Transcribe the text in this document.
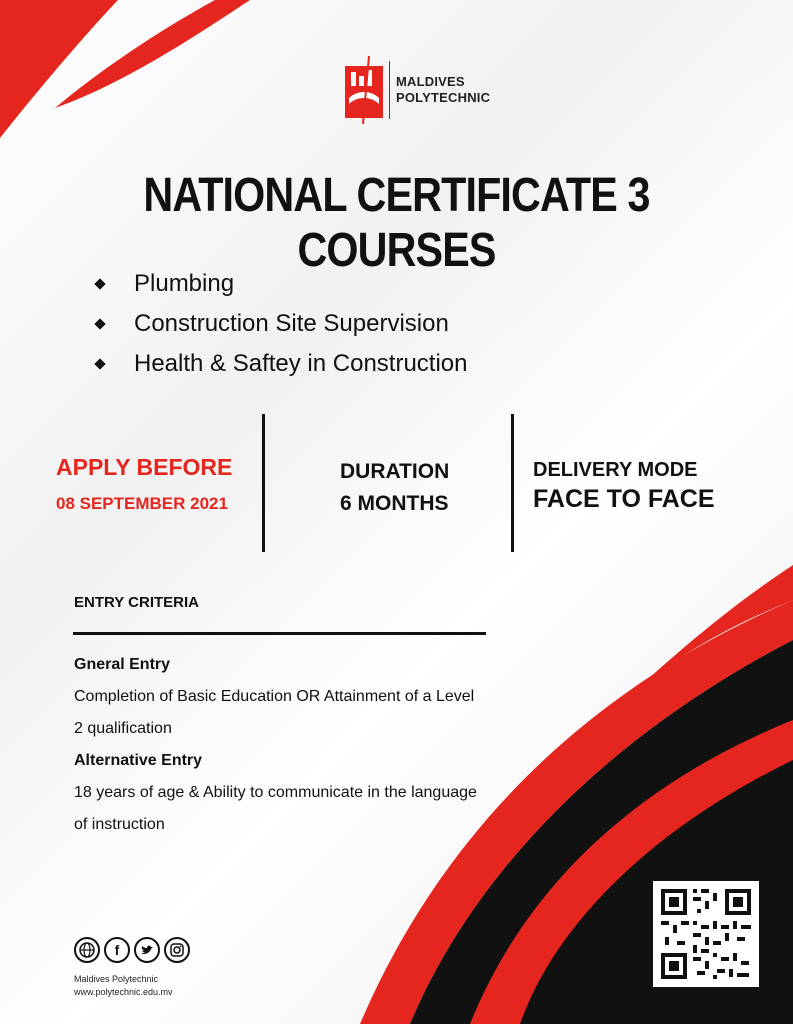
MALDIVES
POLYTECHNIC
NATIONAL CERTIFICATE 3 COURSES
Plumbing
Construction Site Supervision
Health & Saftey in Construction
APPLY BEFORE
08 SEPTEMBER 2021
DURATION
6 MONTHS
DELIVERY MODE
FACE TO FACE
ENTRY CRITERIA
Gneral Entry
Completion of Basic Education OR Attainment of a Level 2 qualification
Alternative Entry
18 years of age & Ability to communicate in the language of instruction
f
Maldives Polytechnic
www.polytechnic.edu.mv
